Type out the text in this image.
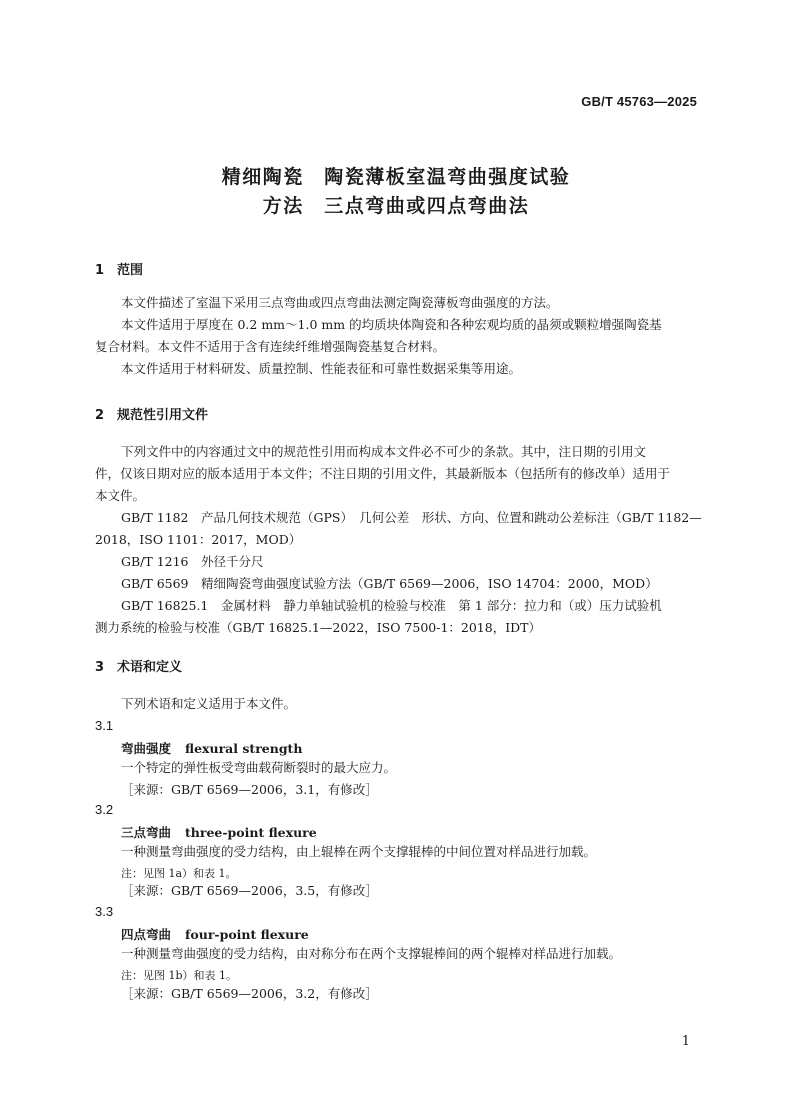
GB/T 45763—2025
精细陶瓷　陶瓷薄板室温弯曲强度试验
方法　三点弯曲或四点弯曲法
1 范围
本文件描述了室温下采用三点弯曲或四点弯曲法测定陶瓷薄板弯曲强度的方法。
本文件适用于厚度在 0.2 mm～1.0 mm 的均质块体陶瓷和各种宏观均质的晶须或颗粒增强陶瓷基
复合材料。本文件不适用于含有连续纤维增强陶瓷基复合材料。
本文件适用于材料研发、质量控制、性能表征和可靠性数据采集等用途。
2 规范性引用文件
下列文件中的内容通过文中的规范性引用而构成本文件必不可少的条款。其中，注日期的引用文
件，仅该日期对应的版本适用于本文件；不注日期的引用文件，其最新版本（包括所有的修改单）适用于
本文件。
GB/T 1182　产品几何技术规范（GPS）　几何公差　形状、方向、位置和跳动公差标注（GB/T 1182—
2018，ISO 1101：2017，MOD）
GB/T 1216　外径千分尺
GB/T 6569　精细陶瓷弯曲强度试验方法（GB/T 6569—2006，ISO 14704：2000，MOD）
GB/T 16825.1　金属材料　静力单轴试验机的检验与校准　第 1 部分：拉力和（或）压力试验机
测力系统的检验与校准（GB/T 16825.1—2022，ISO 7500-1：2018，IDT）
3 术语和定义
下列术语和定义适用于本文件。
3.1
弯曲强度 flexural strength
一个特定的弹性板受弯曲载荷断裂时的最大应力。
［来源：GB/T 6569—2006，3.1，有修改］
3.2
三点弯曲 three-point flexure
一种测量弯曲强度的受力结构，由上辊棒在两个支撑辊棒的中间位置对样品进行加载。
注：见图 1a）和表 1。
［来源：GB/T 6569—2006，3.5，有修改］
3.3
四点弯曲 four-point flexure
一种测量弯曲强度的受力结构，由对称分布在两个支撑辊棒间的两个辊棒对样品进行加载。
注：见图 1b）和表 1。
［来源：GB/T 6569—2006，3.2，有修改］
1
